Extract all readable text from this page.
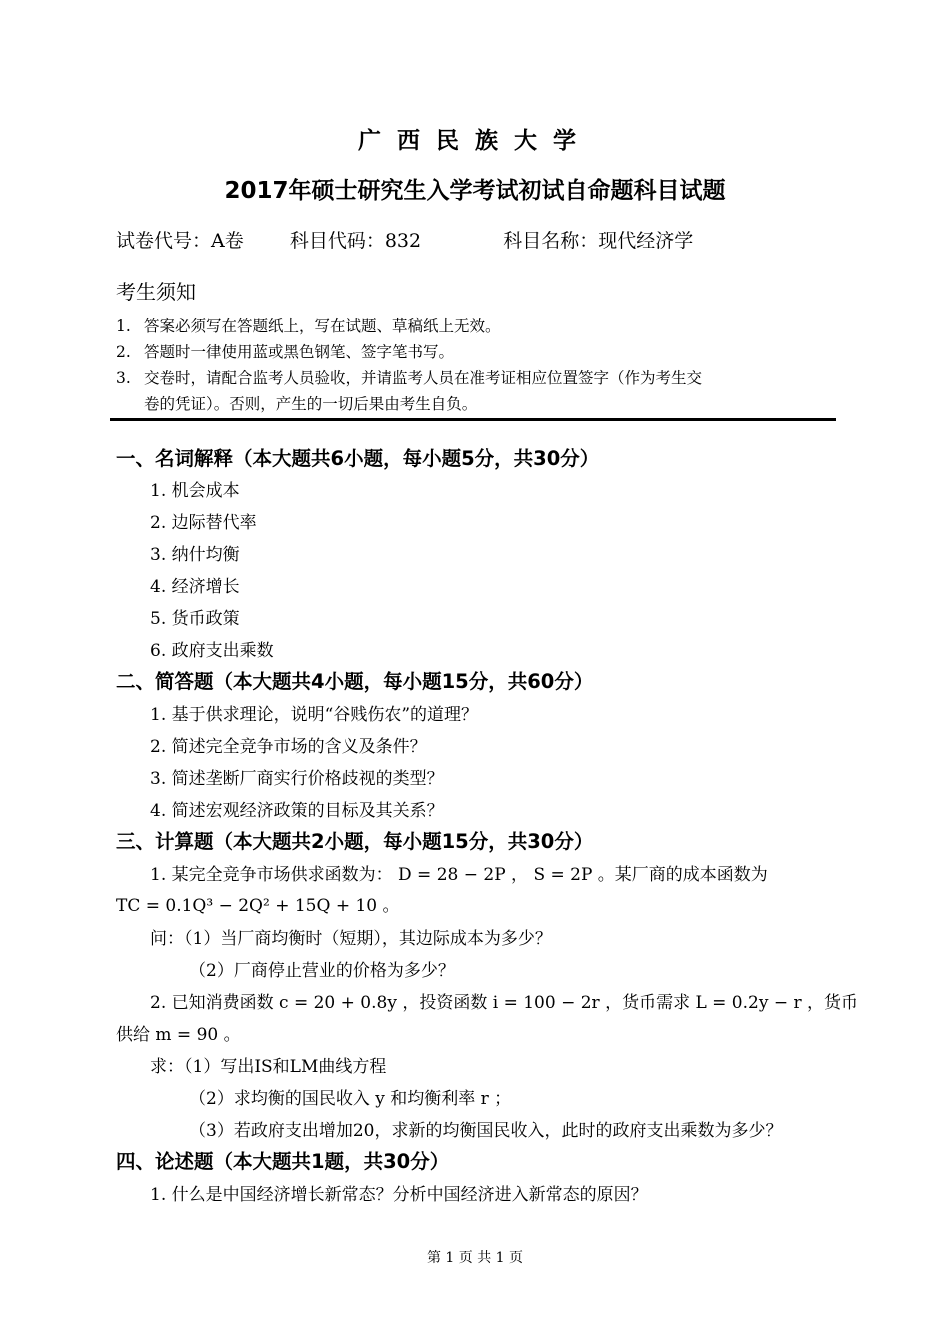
广西民族大学
2017年硕士研究生入学考试初试自命题科目试题
试卷代号：A卷 科目代码：832	科目名称：现代经济学
考生须知
1. 答案必须写在答题纸上，写在试题、草稿纸上无效。
2. 答题时一律使用蓝或黑色钢笔、签字笔书写。
3. 交卷时，请配合监考人员验收，并请监考人员在准考证相应位置签字（作为考生交
卷的凭证）。否则，产生的一切后果由考生自负。
一、名词解释（本大题共6小题，每小题5分，共30分）
1. 机会成本
2. 边际替代率
3. 纳什均衡
4. 经济增长
5. 货币政策
6. 政府支出乘数
二、简答题（本大题共4小题，每小题15分，共60分）
1. 基于供求理论，说明“谷贱伤农”的道理？
2. 简述完全竞争市场的含义及条件？
3. 简述垄断厂商实行价格歧视的类型？
4. 简述宏观经济政策的目标及其关系？
三、计算题（本大题共2小题，每小题15分，共30分）
1. 某完全竞争市场供求函数为： D = 28 − 2P ， S = 2P 。某厂商的成本函数为
TC = 0.1Q³ − 2Q² + 15Q + 10 。
问：（1）当厂商均衡时（短期），其边际成本为多少？
（2）厂商停止营业的价格为多少？
2. 已知消费函数 c = 20 + 0.8y ，投资函数 i = 100 − 2r ，货币需求 L = 0.2y − r ，货币
供给 m = 90 。
求：（1）写出IS和LM曲线方程
（2）求均衡的国民收入 y 和均衡利率 r ；
（3）若政府支出增加20，求新的均衡国民收入，此时的政府支出乘数为多少？
四、论述题（本大题共1题，共30分）
1. 什么是中国经济增长新常态？分析中国经济进入新常态的原因？
第 1 页 共 1 页
